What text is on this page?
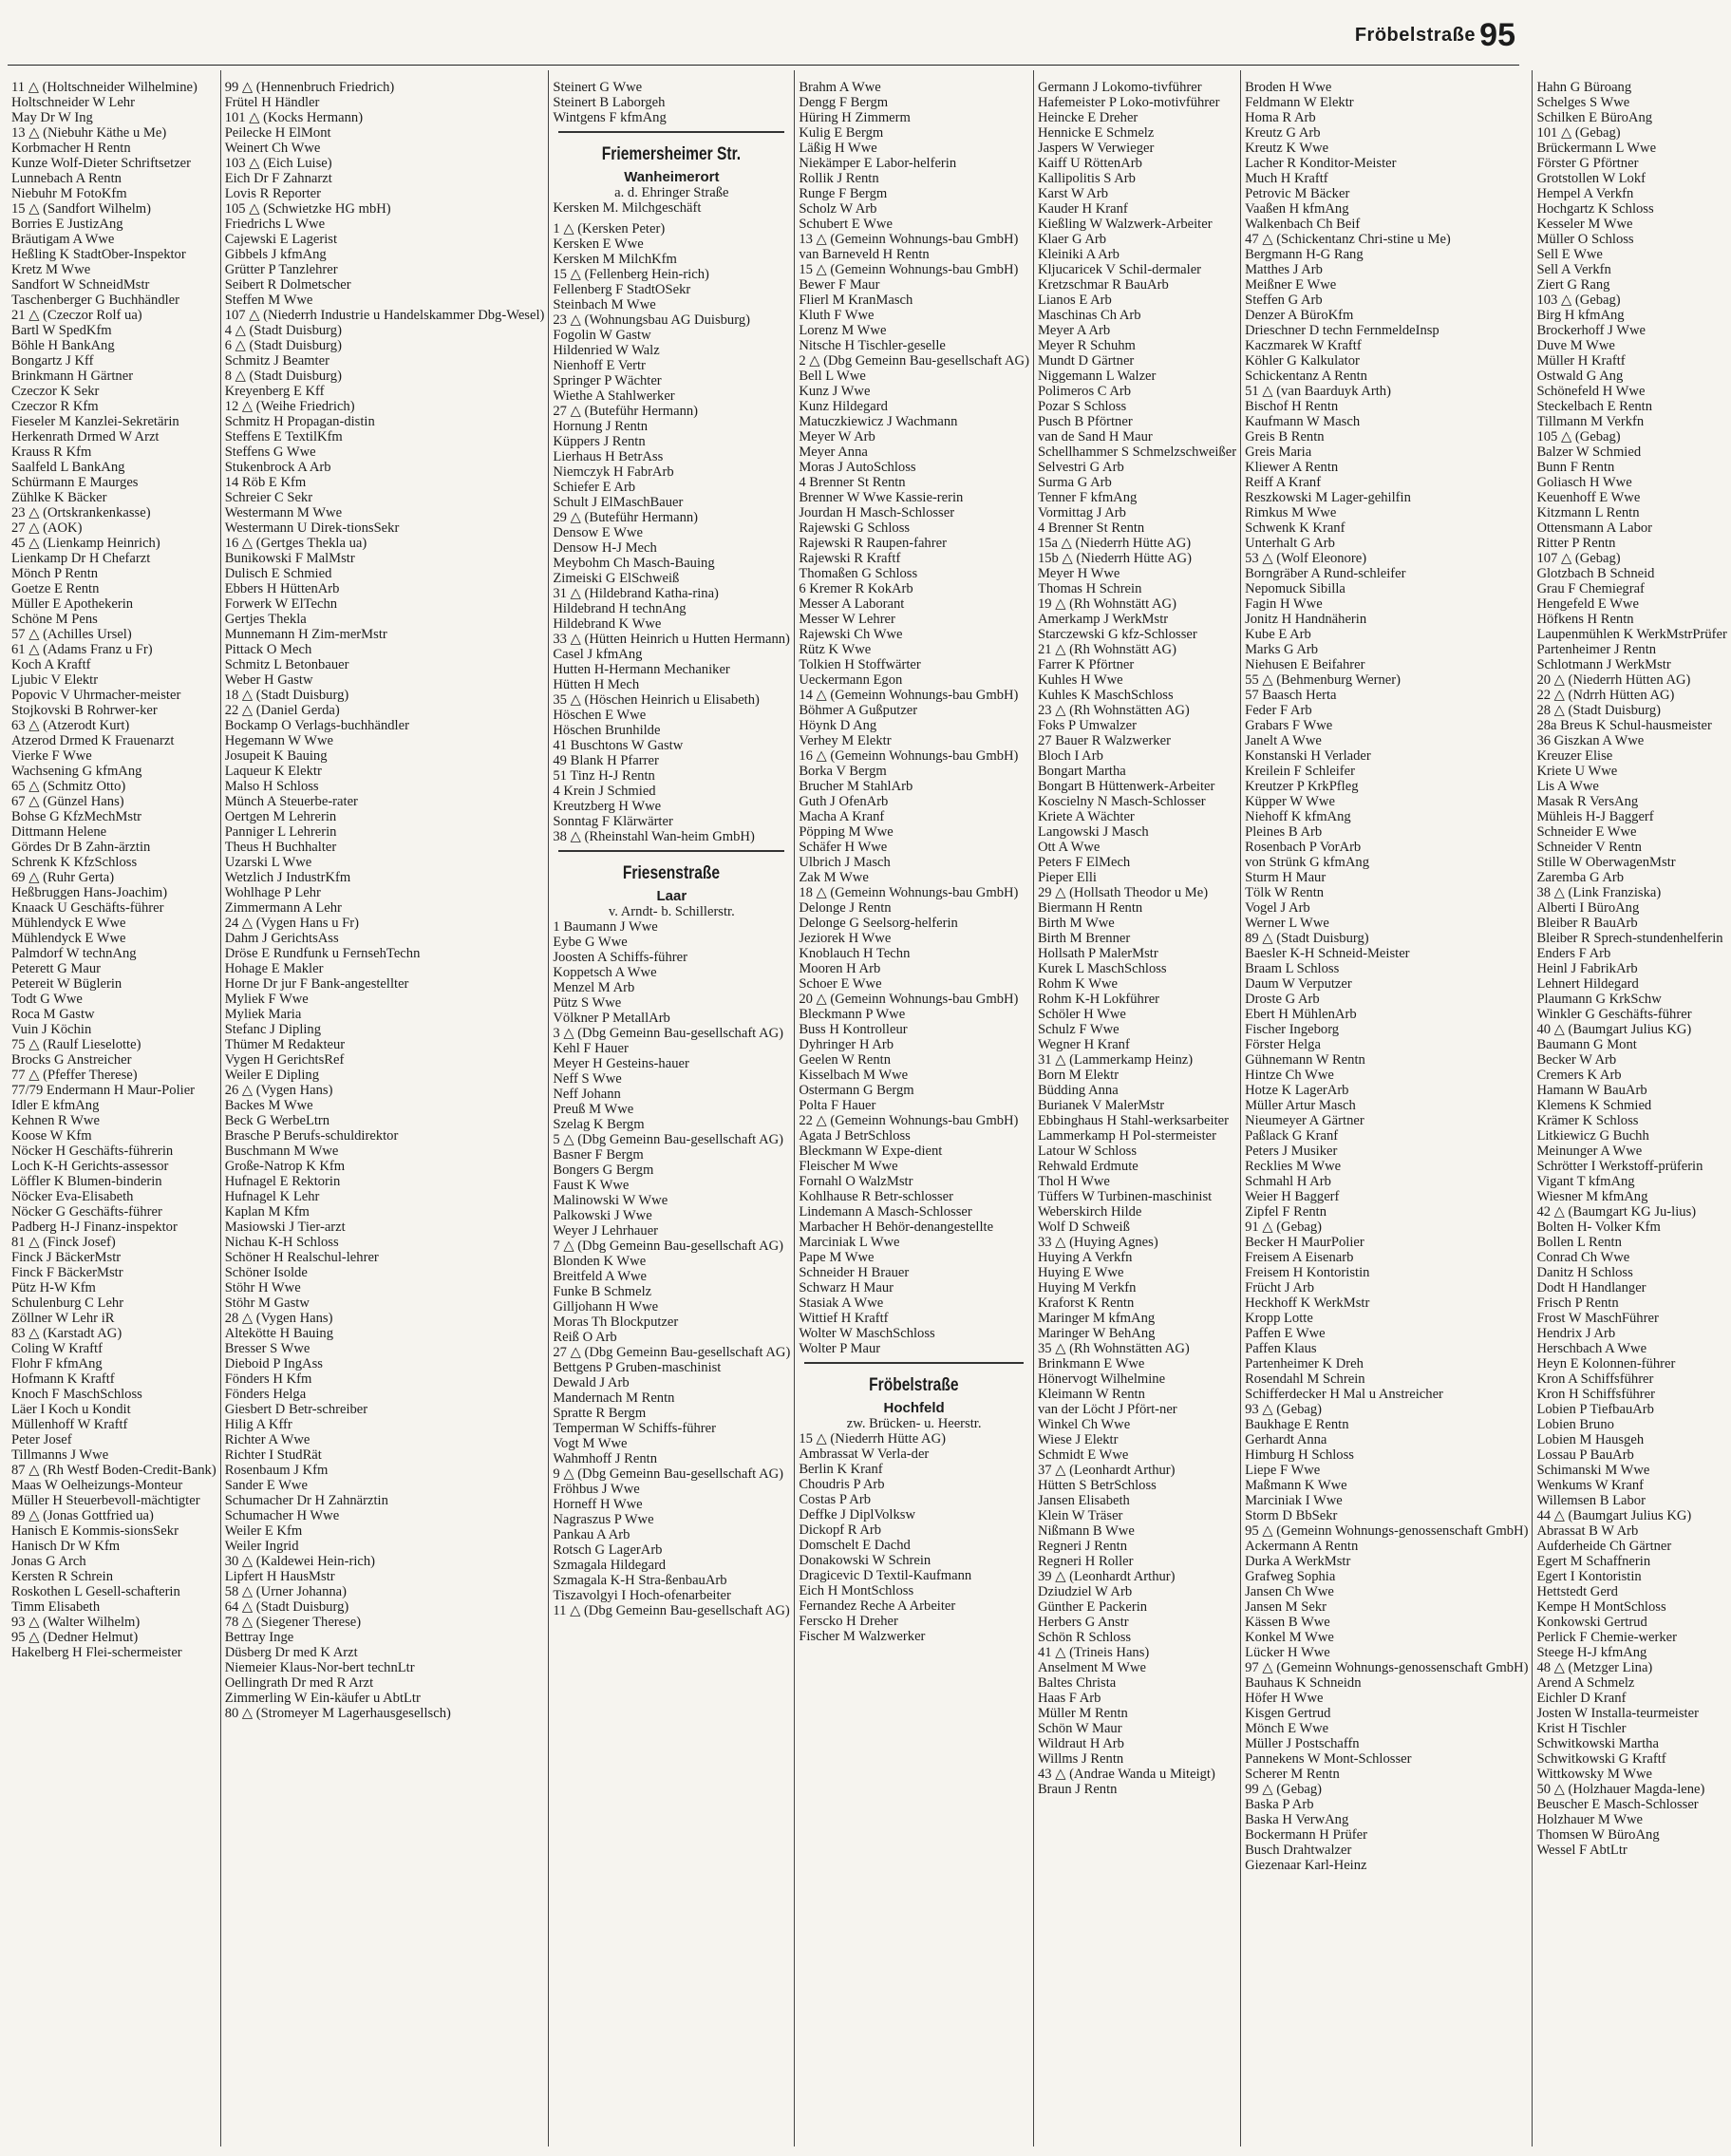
Fröbelstraße 95
11 △ (Holtschneider Wilhelmine)
Holtschneider W Lehr
May Dr W Ing
13 △ (Niebuhr Käthe u Me)
Korbmacher H Rentn
Kunze Wolf-Dieter Schriftsetzer
Lunnebach A Rentn
Niebuhr M FotoKfm
15 △ (Sandfort Wilhelm)
Borries E JustizAng
Bräutigam A Wwe
Heßling K StadtOber-Inspektor
Kretz M Wwe
Sandfort W SchneidMstr
Taschenberger G Buchhändler
21 △ (Czeczor Rolf ua)
Bartl W SpedKfm
Böhle H BankAng
Bongartz J Kff
Brinkmann H Gärtner
Czeczor K Sekr
Czeczor R Kfm
Fieseler M Kanzlei-Sekretärin
Herkenrath Drmed W Arzt
Krauss R Kfm
Saalfeld L BankAng
Schürmann E Maurges
Zühlke K Bäcker
23 △ (Ortskrankenkasse)
27 △ (AOK)
45 △ (Lienkamp Heinrich)
Lienkamp Dr H Chefarzt
Mönch P Rentn
Goetze E Rentn
Müller E Apothekerin
Schöne M Pens
57 △ (Achilles Ursel)
61 △ (Adams Franz u Fr)
Koch A Kraftf
Ljubic V Elektr
Popovic V Uhrmacher-meister
Stojkovski B Rohrwer-ker
63 △ (Atzerodt Kurt)
Atzerod Drmed K Frauenarzt
Vierke F Wwe
Wachsening G kfmAng
65 △ (Schmitz Otto)
67 △ (Günzel Hans)
Bohse G KfzMechMstr
Dittmann Helene
Gördes Dr B Zahn-ärztin
Schrenk K KfzSchloss
69 △ (Ruhr Gerta)
Heßbruggen Hans-Joachim)
Knaack U Geschäfts-führer
Mühlendyck E Wwe
Mühlendyck E Wwe
Palmdorf W technAng
Peterett G Maur
Petereit W Büglerin
Todt G Wwe
Roca M Gastw
Vuin J Köchin
75 △ (Raulf Lieselotte)
Brocks G Anstreicher
77 △ (Pfeffer Therese)
77/79 Endermann H Maur-Polier
Idler E kfmAng
Kehnen R Wwe
Koose W Kfm
Nöcker H Geschäfts-führerin
Loch K-H Gerichts-assessor
Löffler K Blumen-binderin
Nöcker Eva-Elisabeth
Nöcker G Geschäfts-führer
Padberg H-J Finanz-inspektor
81 △ (Finck Josef)
Finck J BäckerMstr
Finck F BäckerMstr
Pütz H-W Kfm
Schulenburg C Lehr
Zöllner W Lehr iR
83 △ (Karstadt AG)
Coling W Kraftf
Flohr F kfmAng
Hofmann K Kraftf
Knoch F MaschSchloss
Läer I Koch u Kondit
Müllenhoff W Kraftf
Peter Josef
Tillmanns J Wwe
87 △ (Rh Westf Boden-Credit-Bank)
Maas W Oelheizungs-Monteur
Müller H Steuerbevoll-mächtigter
89 △ (Jonas Gottfried ua)
Hanisch E Kommis-sionsSekr
Hanisch Dr W Kfm
Jonas G Arch
Kersten R Schrein
Roskothen L Gesell-schafterin
Timm Elisabeth
93 △ (Walter Wilhelm)
95 △ (Dedner Helmut)
Hakelberg H Flei-schermeister
99 △ (Hennenbruch Friedrich)
Frütel H Händler
101 △ (Kocks Hermann)
Peilecke H ElMont
Weinert Ch Wwe
103 △ (Eich Luise)
Eich Dr F Zahnarzt
Lovis R Reporter
105 △ (Schwietzke HG mbH)
Friedrichs L Wwe
Cajewski E Lagerist
Gibbels J kfmAng
Grütter P Tanzlehrer
Seibert R Dolmetscher
Steffen M Wwe
107 △ (Niederrh Industrie u Handelskammer Dbg-Wesel)
4 △ (Stadt Duisburg)
6 △ (Stadt Duisburg)
Schmitz J Beamter
8 △ (Stadt Duisburg)
Kreyenberg E Kff
12 △ (Weihe Friedrich)
Schmitz H Propagan-distin
Steffens E TextilKfm
Steffens G Wwe
Stukenbrock A Arb
14 Röb E Kfm
Schreier C Sekr
Westermann M Wwe
Westermann U Direk-tionsSekr
16 △ (Gertges Thekla ua)
Bunikowski F MalMstr
Dulisch E Schmied
Ebbers H HüttenArb
Forwerk W ElTechn
Gertjes Thekla
Munnemann H Zim-merMstr
Pittack O Mech
Schmitz L Betonbauer
Weber H Gastw
18 △ (Stadt Duisburg)
22 △ (Daniel Gerda)
Bockamp O Verlags-buchhändler
Hegemann W Wwe
Josupeit K Bauing
Laqueur K Elektr
Malso H Schloss
Münch A Steuerbe-rater
Oertgen M Lehrerin
Panniger L Lehrerin
Theus H Buchhalter
Uzarski L Wwe
Wetzlich J IndustrKfm
Wohlhage P Lehr
Zimmermann A Lehr
24 △ (Vygen Hans u Fr)
Dahm J GerichtsAss
Dröse E Rundfunk u FernsehTechn
Hohage E Makler
Horne Dr jur F Bank-angestellter
Myliek F Wwe
Myliek Maria
Stefanc J Dipling
Thümer M Redakteur
Vygen H GerichtsRef
Weiler E Dipling
26 △ (Vygen Hans)
Backes M Wwe
Beck G WerbeLtrn
Brasche P Berufs-schuldirektor
Buschmann M Wwe
Große-Natrop K Kfm
Hufnagel E Rektorin
Hufnagel K Lehr
Kaplan M Kfm
Masiowski J Tier-arzt
Nichau K-H Schloss
Schöner H Realschul-lehrer
Schöner Isolde
Stöhr H Wwe
Stöhr M Gastw
28 △ (Vygen Hans)
Altekötte H Bauing
Bresser S Wwe
Dieboid P IngAss
Fönders H Kfm
Fönders Helga
Giesbert D Betr-schreiber
Hilig A Kffr
Richter A Wwe
Richter I StudRät
Rosenbaum J Kfm
Sander E Wwe
Schumacher Dr H Zahnärztin
Schumacher H Wwe
Weiler E Kfm
Weiler Ingrid
30 △ (Kaldewei Hein-rich)
Lipfert H HausMstr
58 △ (Urner Johanna)
64 △ (Stadt Duisburg)
78 △ (Siegener Therese)
Bettray Inge
Düsberg Dr med K Arzt
Niemeier Klaus-Nor-bert technLtr
Oellingrath Dr med R Arzt
Zimmerling W Ein-käufer u AbtLtr
80 △ (Stromeyer M Lagerhausgesellsch)
Steinert G Wwe
Steinert B Laborgeh
Wintgens F kfmAng
Friemersheimer Str.
Wanheimerort
a. d. Ehringer Straße
Kersken M. Milchgeschäft
1 △ (Kersken Peter)
Kersken E Wwe
Kersken M MilchKfm
15 △ (Fellenberg Hein-rich)
Fellenberg F StadtOSekr
Steinbach M Wwe
23 △ (Wohnungsbau AG Duisburg)
Fogolin W Gastw
Hildenried W Walz
Nienhoff E Vertr
Springer P Wächter
Wiethe A Stahlwerker
27 △ (Buteführ Hermann)
Hornung J Rentn
Küppers J Rentn
Lierhaus H BetrAss
Niemczyk H FabrArb
Schiefer E Arb
Schult J ElMaschBauer
29 △ (Buteführ Hermann)
Densow E Wwe
Densow H-J Mech
Meybohm Ch Masch-Bauing
Zimeiski G ElSchweiß
31 △ (Hildebrand Katha-rina)
Hildebrand H technAng
Hildebrand K Wwe
33 △ (Hütten Heinrich u Hutten Hermann)
Casel J kfmAng
Hutten H-Hermann Mechaniker
Hütten H Mech
35 △ (Höschen Heinrich u Elisabeth)
Höschen E Wwe
Höschen Brunhilde
41 Buschtons W Gastw
49 Blank H Pfarrer
51 Tinz H-J Rentn
4 Krein J Schmied
Kreutzberg H Wwe
Sonntag F Klärwärter
38 △ (Rheinstahl Wan-heim GmbH)
Friesenstraße
Laar
v. Arndt- b. Schillerstr.
1 Baumann J Wwe
Eybe G Wwe
Joosten A Schiffs-führer
Koppetsch A Wwe
Menzel M Arb
Pütz S Wwe
Völkner P MetallArb
3 △ (Dbg Gemeinn Bau-gesellschaft AG)
Kehl F Hauer
Meyer H Gesteins-hauer
Neff S Wwe
Neff Johann
Preuß M Wwe
Szelag K Bergm
5 △ (Dbg Gemeinn Bau-gesellschaft AG)
Basner F Bergm
Bongers G Bergm
Faust K Wwe
Malinowski W Wwe
Palkowski J Wwe
Weyer J Lehrhauer
7 △ (Dbg Gemeinn Bau-gesellschaft AG)
Blonden K Wwe
Breitfeld A Wwe
Funke B Schmelz
Gilljohann H Wwe
Moras Th Blockputzer
Reiß O Arb
27 △ (Dbg Gemeinn Bau-gesellschaft AG)
Bettgens P Gruben-maschinist
Dewald J Arb
Mandernach M Rentn
Spratte R Bergm
Temperman W Schiffs-führer
Vogt M Wwe
Wahmhoff J Rentn
9 △ (Dbg Gemeinn Bau-gesellschaft AG)
Fröhbus J Wwe
Horneff H Wwe
Nagraszus P Wwe
Pankau A Arb
Rotsch G LagerArb
Szmagala Hildegard
Szmagala K-H Stra-ßenbauArb
Tiszavolgyi I Hoch-ofenarbeiter
11 △ (Dbg Gemeinn Bau-gesellschaft AG)
Brahm A Wwe
Dengg F Bergm
Hüring H Zimmerm
Kulig E Bergm
Läßig H Wwe
Niekämper E Labor-helferin
Rollik J Rentn
Runge F Bergm
Scholz W Arb
Schubert E Wwe
13 △ (Gemeinn Wohnungs-bau GmbH)
van Barneveld H Rentn
15 △ (Gemeinn Wohnungs-bau GmbH)
Bewer F Maur
Flierl M KranMasch
Kluth F Wwe
Lorenz M Wwe
Nitsche H Tischler-geselle
2 △ (Dbg Gemeinn Bau-gesellschaft AG)
Bell L Wwe
Kunz J Wwe
Kunz Hildegard
Matuczkiewicz J Wachmann
Meyer W Arb
Meyer Anna
Moras J AutoSchloss
4 Brenner St Rentn
Brenner W Wwe Kassie-rerin
Jourdan H Masch-Schlosser
Rajewski G Schloss
Rajewski R Raupen-fahrer
Rajewski R Kraftf
Thomaßen G Schloss
6 Kremer R KokArb
Messer A Laborant
Messer W Lehrer
Rajewski Ch Wwe
Rütz K Wwe
Tolkien H Stoffwärter
Ueckermann Egon
14 △ (Gemeinn Wohnungs-bau GmbH)
Böhmer A Gußputzer
Höynk D Ang
Verhey M Elektr
16 △ (Gemeinn Wohnungs-bau GmbH)
Borka V Bergm
Brucher M StahlArb
Guth J OfenArb
Macha A Kranf
Pöpping M Wwe
Schäfer H Wwe
Ulbrich J Masch
Zak M Wwe
18 △ (Gemeinn Wohnungs-bau GmbH)
Delonge J Rentn
Delonge G Seelsorg-helferin
Jeziorek H Wwe
Knoblauch H Techn
Mooren H Arb
Schoer E Wwe
20 △ (Gemeinn Wohnungs-bau GmbH)
Bleckmann P Wwe
Buss H Kontrolleur
Dyhringer H Arb
Geelen W Rentn
Kisselbach M Wwe
Ostermann G Bergm
Polta F Hauer
22 △ (Gemeinn Wohnungs-bau GmbH)
Agata J BetrSchloss
Bleckmann W Expe-dient
Fleischer M Wwe
Fornahl O WalzMstr
Kohlhause R Betr-schlosser
Lindemann A Masch-Schlosser
Marbacher H Behör-denangestellte
Marciniak L Wwe
Pape M Wwe
Schneider H Brauer
Schwarz H Maur
Stasiak A Wwe
Wittief H Kraftf
Wolter W MaschSchloss
Wolter P Maur
Fröbelstraße
Hochfeld
zw. Brücken- u. Heerstr.
15 △ (Niederrh Hütte AG)
Ambrassat W Verla-der
Berlin K Kranf
Choudris P Arb
Costas P Arb
Deffke J DiplVolksw
Dickopf R Arb
Domschelt E Dachd
Donakowski W Schrein
Dragicevic D Textil-Kaufmann
Eich H MontSchloss
Fernandez Reche A Arbeiter
Ferscko H Dreher
Fischer M Walzwerker
Germann J Lokomo-tivführer
Hafemeister P Loko-motivführer
Heincke E Dreher
Hennicke E Schmelz
Jaspers W Verwieger
Kaiff U RöttenArb
Kallipolitis S Arb
Karst W Arb
Kauder H Kranf
Kießling W Walzwerk-Arbeiter
Klaer G Arb
Kleiniki A Arb
Kljucaricek V Schil-dermaler
Kretzschmar R BauArb
Lianos E Arb
Maschinas Ch Arb
Meyer A Arb
Meyer R Schuhm
Mundt D Gärtner
Niggemann L Walzer
Polimeros C Arb
Pozar S Schloss
Pusch B Pförtner
van de Sand H Maur
Schellhammer S Schmelzschweißer
Selvestri G Arb
Surma G Arb
Tenner F kfmAng
Vormittag J Arb
4 Brenner St Rentn
15a △ (Niederrh Hütte AG)
15b △ (Niederrh Hütte AG)
Meyer H Wwe
Thomas H Schrein
19 △ (Rh Wohnstätt AG)
Amerkamp J WerkMstr
Starczewski G kfz-Schlosser
21 △ (Rh Wohnstätt AG)
Farrer K Pförtner
Kuhles H Wwe
Kuhles K MaschSchloss
23 △ (Rh Wohnstätten AG)
Foks P Umwalzer
27 Bauer R Walzwerker
Bloch I Arb
Bongart Martha
Bongart B Hüttenwerk-Arbeiter
Koscielny N Masch-Schlosser
Kriete A Wächter
Langowski J Masch
Ott A Wwe
Peters F ElMech
Pieper Elli
29 △ (Hollsath Theodor u Me)
Biermann H Rentn
Birth M Wwe
Birth M Brenner
Hollsath P MalerMstr
Kurek L MaschSchloss
Rohm K Wwe
Rohm K-H Lokführer
Schöler H Wwe
Schulz F Wwe
Wegner H Kranf
31 △ (Lammerkamp Heinz)
Born M Elektr
Büdding Anna
Burianek V MalerMstr
Ebbinghaus H Stahl-werksarbeiter
Lammerkamp H Pol-stermeister
Latour W Schloss
Rehwald Erdmute
Thol H Wwe
Tüffers W Turbinen-maschinist
Weberskirch Hilde
Wolf D Schweiß
33 △ (Huying Agnes)
Huying A Verkfn
Huying E Wwe
Huying M Verkfn
Kraforst K Rentn
Maringer M kfmAng
Maringer W BehAng
35 △ (Rh Wohnstätten AG)
Brinkmann E Wwe
Hönervogt Wilhelmine
Kleimann W Rentn
van der Löcht J Pfört-ner
Winkel Ch Wwe
Wiese J Elektr
Schmidt E Wwe
37 △ (Leonhardt Arthur)
Hütten S BetrSchloss
Jansen Elisabeth
Klein W Träser
Nißmann B Wwe
Regneri J Rentn
Regneri H Roller
39 △ (Leonhardt Arthur)
Dziudziel W Arb
Günther E Packerin
Herbers G Anstr
Schön R Schloss
41 △ (Trineis Hans)
Anselment M Wwe
Baltes Christa
Haas F Arb
Müller M Rentn
Schön W Maur
Wildraut H Arb
Willms J Rentn
43 △ (Andrae Wanda u Miteigt)
Braun J Rentn
Broden H Wwe
Feldmann W Elektr
Homa R Arb
Kreutz G Arb
Kreutz K Wwe
Lacher R Konditor-Meister
Much H Kraftf
Petrovic M Bäcker
Vaaßen H kfmAng
Walkenbach Ch Beif
47 △ (Schickentanz Chri-stine u Me)
Bergmann H-G Rang
Matthes J Arb
Meißner E Wwe
Steffen G Arb
Denzer A BüroKfm
Drieschner D techn FernmeldeInsp
Kaczmarek W Kraftf
Köhler G Kalkulator
Schickentanz A Rentn
51 △ (van Baarduyk Arth)
Bischof H Rentn
Kaufmann W Masch
Greis B Rentn
Greis Maria
Kliewer A Rentn
Reiff A Kranf
Reszkowski M Lager-gehilfin
Rimkus M Wwe
Schwenk K Kranf
Unterhalt G Arb
53 △ (Wolf Eleonore)
Borngräber A Rund-schleifer
Nepomuck Sibilla
Fagin H Wwe
Jonitz H Handnäherin
Kube E Arb
Marks G Arb
Niehusen E Beifahrer
55 △ (Behmenburg Werner)
57 Baasch Herta
Feder F Arb
Grabars F Wwe
Janelt A Wwe
Konstanski H Verlader
Kreilein F Schleifer
Kreutzer P KrkPfleg
Küpper W Wwe
Niehoff K kfmAng
Pleines B Arb
Rosenbach P VorArb
von Strünk G kfmAng
Sturm H Maur
Tölk W Rentn
Vogel J Arb
Werner L Wwe
89 △ (Stadt Duisburg)
Baesler K-H Schneid-Meister
Braam L Schloss
Daum W Verputzer
Droste G Arb
Ebert H MühlenArb
Fischer Ingeborg
Förster Helga
Gühnemann W Rentn
Hintze Ch Wwe
Hotze K LagerArb
Müller Artur Masch
Nieumeyer A Gärtner
Paßlack G Kranf
Peters J Musiker
Recklies M Wwe
Schmahl H Arb
Weier H Baggerf
Zipfel F Rentn
91 △ (Gebag)
Becker H MaurPolier
Freisem A Eisenarb
Freisem H Kontoristin
Frücht J Arb
Heckhoff K WerkMstr
Kropp Lotte
Paffen E Wwe
Paffen Klaus
Partenheimer K Dreh
Rosendahl M Schrein
Schifferdecker H Mal u Anstreicher
93 △ (Gebag)
Baukhage E Rentn
Gerhardt Anna
Himburg H Schloss
Liepe F Wwe
Maßmann K Wwe
Marciniak I Wwe
Storm D BbSekr
95 △ (Gemeinn Wohnungs-genossenschaft GmbH)
Ackermann A Rentn
Durka A WerkMstr
Grafweg Sophia
Jansen Ch Wwe
Jansen M Sekr
Kässen B Wwe
Konkel M Wwe
Lücker H Wwe
97 △ (Gemeinn Wohnungs-genossenschaft GmbH)
Bauhaus K Schneidn
Höfer H Wwe
Kisgen Gertrud
Mönch E Wwe
Müller J Postschaffn
Pannekens W Mont-Schlosser
Scherer M Rentn
99 △ (Gebag)
Baska P Arb
Baska H VerwAng
Bockermann H Prüfer
Busch Drahtwalzer
Giezenaar Karl-Heinz
Hahn G Büroang
Schelges S Wwe
Schilken E BüroAng
101 △ (Gebag)
Brückermann L Wwe
Förster G Pförtner
Grotstollen W Lokf
Hempel A Verkfn
Hochgartz K Schloss
Kesseler M Wwe
Müller O Schloss
Sell E Wwe
Sell A Verkfn
Ziert G Rang
103 △ (Gebag)
Birg H kfmAng
Brockerhoff J Wwe
Duve M Wwe
Müller H Kraftf
Ostwald G Ang
Schönefeld H Wwe
Steckelbach E Rentn
Tillmann M Verkfn
105 △ (Gebag)
Balzer W Schmied
Bunn F Rentn
Goliasch H Wwe
Keuenhoff E Wwe
Kitzmann L Rentn
Ottensmann A Labor
Ritter P Rentn
107 △ (Gebag)
Glotzbach B Schneid
Grau F Chemiegraf
Hengefeld E Wwe
Höfkens H Rentn
Laupenmühlen K WerkMstrPrüfer
Partenheimer J Rentn
Schlotmann J WerkMstr
20 △ (Niederrh Hütten AG)
22 △ (Ndrrh Hütten AG)
28 △ (Stadt Duisburg)
28a Breus K Schul-hausmeister
36 Giszkan A Wwe
Kreuzer Elise
Kriete U Wwe
Lis A Wwe
Masak R VersAng
Mühleis H-J Baggerf
Schneider E Wwe
Schneider V Rentn
Stille W OberwagenMstr
Zaremba G Arb
38 △ (Link Franziska)
Alberti I BüroAng
Bleiber R BauArb
Bleiber R Sprech-stundenhelferin
Enders F Arb
Heinl J FabrikArb
Lehnert Hildegard
Plaumann G KrkSchw
Winkler G Geschäfts-führer
40 △ (Baumgart Julius KG)
Baumann G Mont
Becker W Arb
Cremers K Arb
Hamann W BauArb
Klemens K Schmied
Krämer K Schloss
Litkiewicz G Buchh
Meinunger A Wwe
Schrötter I Werkstoff-prüferin
Vigant T kfmAng
Wiesner M kfmAng
42 △ (Baumgart KG Ju-lius)
Bolten H- Volker Kfm
Bollen L Rentn
Conrad Ch Wwe
Danitz H Schloss
Dodt H Handlanger
Frisch P Rentn
Frost W MaschFührer
Hendrix J Arb
Herschbach A Wwe
Heyn E Kolonnen-führer
Kron A Schiffsführer
Kron H Schiffsführer
Lobien P TiefbauArb
Lobien Bruno
Lobien M Hausgeh
Lossau P BauArb
Schimanski M Wwe
Wenkums W Kranf
Willemsen B Labor
44 △ (Baumgart Julius KG)
Abrassat B W Arb
Aufderheide Ch Gärtner
Egert M Schaffnerin
Egert I Kontoristin
Hettstedt Gerd
Kempe H MontSchloss
Konkowski Gertrud
Perlick F Chemie-werker
Steege H-J kfmAng
48 △ (Metzger Lina)
Arend A Schmelz
Eichler D Kranf
Josten W Installa-teurmeister
Krist H Tischler
Schwitkowski Martha
Schwitkowski G Kraftf
Wittkowsky M Wwe
50 △ (Holzhauer Magda-lene)
Beuscher E Masch-Schlosser
Holzhauer M Wwe
Thomsen W BüroAng
Wessel F AbtLtr
